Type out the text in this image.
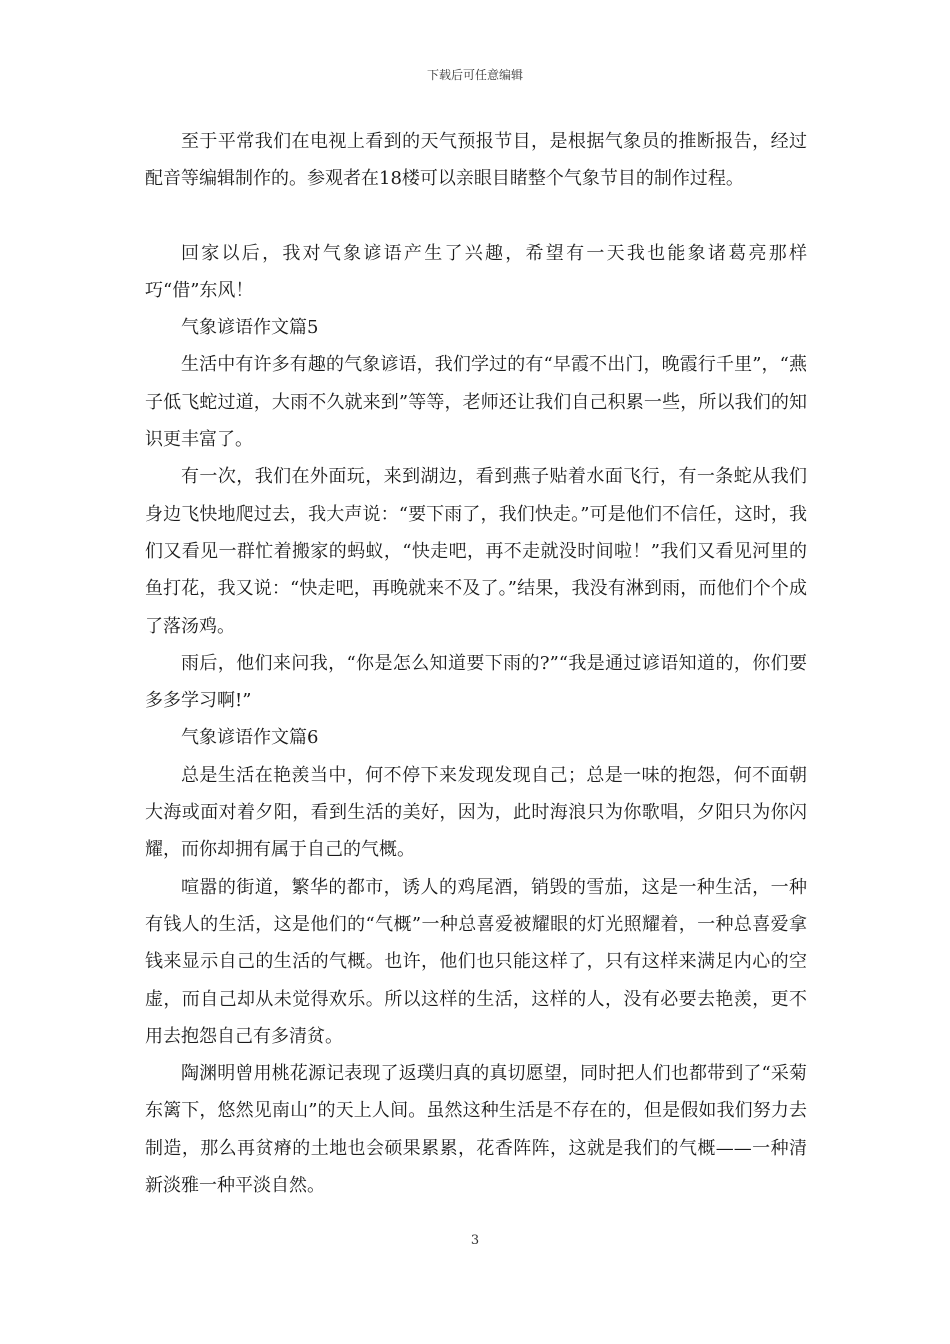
下载后可任意编辑

至于平常我们在电视上看到的天气预报节目，是根据气象员的推断报告，经过配音等编辑制作的。参观者在18楼可以亲眼目睹整个气象节目的制作过程。

回家以后，我对气象谚语产生了兴趣，希望有一天我也能象诸葛亮那样巧“借”东风！

气象谚语作文篇5

生活中有许多有趣的气象谚语，我们学过的有“早霞不出门，晚霞行千里”，“燕子低飞蛇过道，大雨不久就来到”等等，老师还让我们自己积累一些，所以我们的知识更丰富了。

有一次，我们在外面玩，来到湖边，看到燕子贴着水面飞行，有一条蛇从我们身边飞快地爬过去，我大声说：“要下雨了，我们快走。”可是他们不信任，这时，我们又看见一群忙着搬家的蚂蚁，“快走吧，再不走就没时间啦！”我们又看见河里的鱼打花，我又说：“快走吧，再晚就来不及了。”结果，我没有淋到雨，而他们个个成了落汤鸡。

雨后，他们来问我，“你是怎么知道要下雨的?”“我是通过谚语知道的，你们要多多学习啊!”

气象谚语作文篇6

总是生活在艳羡当中，何不停下来发现发现自己；总是一味的抱怨，何不面朝大海或面对着夕阳，看到生活的美好，因为，此时海浪只为你歌唱，夕阳只为你闪耀，而你却拥有属于自己的气概。

喧嚣的街道，繁华的都市，诱人的鸡尾酒，销毁的雪茄，这是一种生活，一种有钱人的生活，这是他们的“气概”一种总喜爱被耀眼的灯光照耀着，一种总喜爱拿钱来显示自己的生活的气概。也许，他们也只能这样了，只有这样来满足内心的空虚，而自己却从未觉得欢乐。所以这样的生活，这样的人，没有必要去艳羡，更不用去抱怨自己有多清贫。

陶渊明曾用桃花源记表现了返璞归真的真切愿望，同时把人们也都带到了“采菊东篱下，悠然见南山”的天上人间。虽然这种生活是不存在的，但是假如我们努力去制造，那么再贫瘠的土地也会硕果累累，花香阵阵，这就是我们的气概——一种清新淡雅一种平淡自然。

3
